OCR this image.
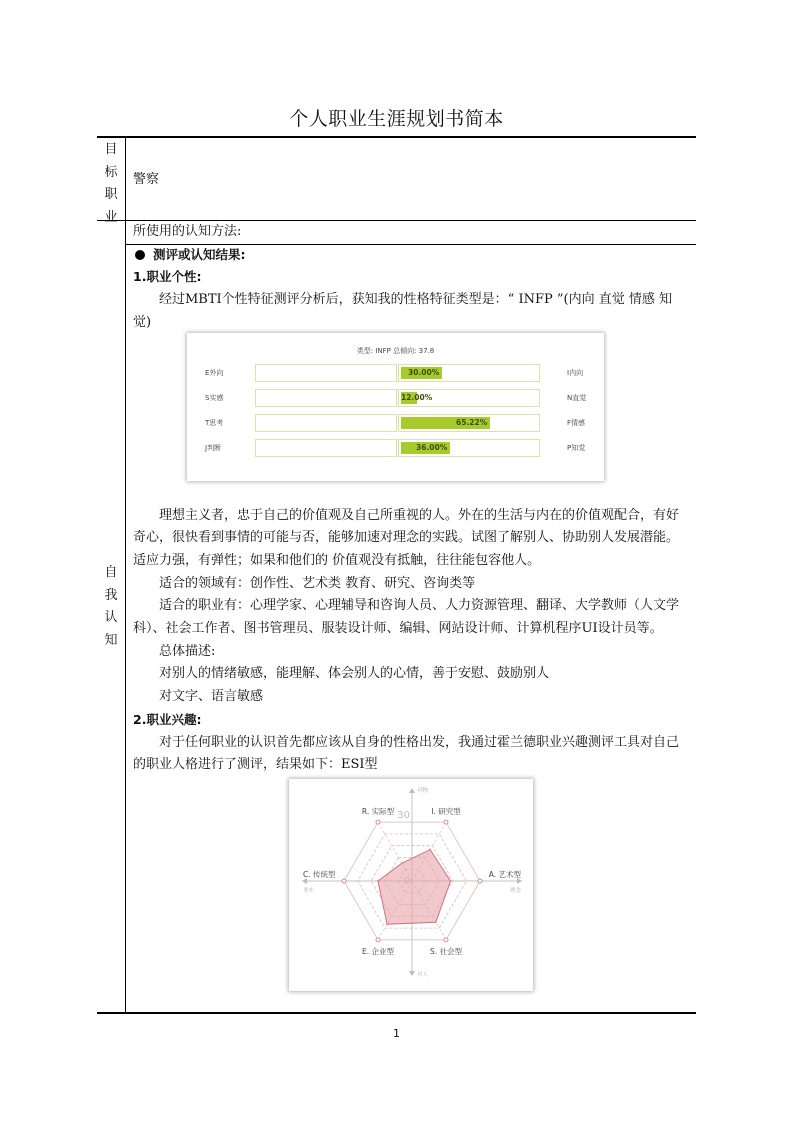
个人职业生涯规划书简本
目
标
职
业
警察
自
我
认
知

所使用的认知方法:

测评或认知结果:

1.职业个性:

经过MBTI个性特征测评分析后，获知我的性格特征类型是：“ INFP ”(内向 直觉 情感 知觉)

理想主义者，忠于自己的价值观及自己所重视的人。外在的生活与内在的价值观配合，有好奇心，很快看到事情的可能与否，能够加速对理念的实践。试图了解别人、协助别人发展潜能。适应力强，有弹性；如果和他们的 价值观没有抵触，往往能包容他人。

适合的领域有：创作性、艺术类 教育、研究、咨询类等

适合的职业有：心理学家、心理辅导和咨询人员、人力资源管理、翻译、大学教师（人文学科）、社会工作者、图书管理员、服装设计师、编辑、网站设计师、计算机程序UI设计员等。

总体描述:

对别人的情绪敏感，能理解、体会别人的心情，善于安慰、鼓励别人

对文字、语言敏感

2.职业兴趣:

对于任何职业的认识首先都应该从自身的性格出发，我通过霍兰德职业兴趣测评工具对自己的职业人格进行了测评，结果如下：ESI型

类型: INFP 总倾向: 37.8
E外向	30.00%	I内向
S实感	12.00%	N直觉
T思考	65.22%	F情感
J判断	36.00%	P知觉
R. 实际型	I. 研究型
A. 艺术型
S. 社会型
E. 企业型
C. 传统型
0
30
对物
对人
务实	理念
1
